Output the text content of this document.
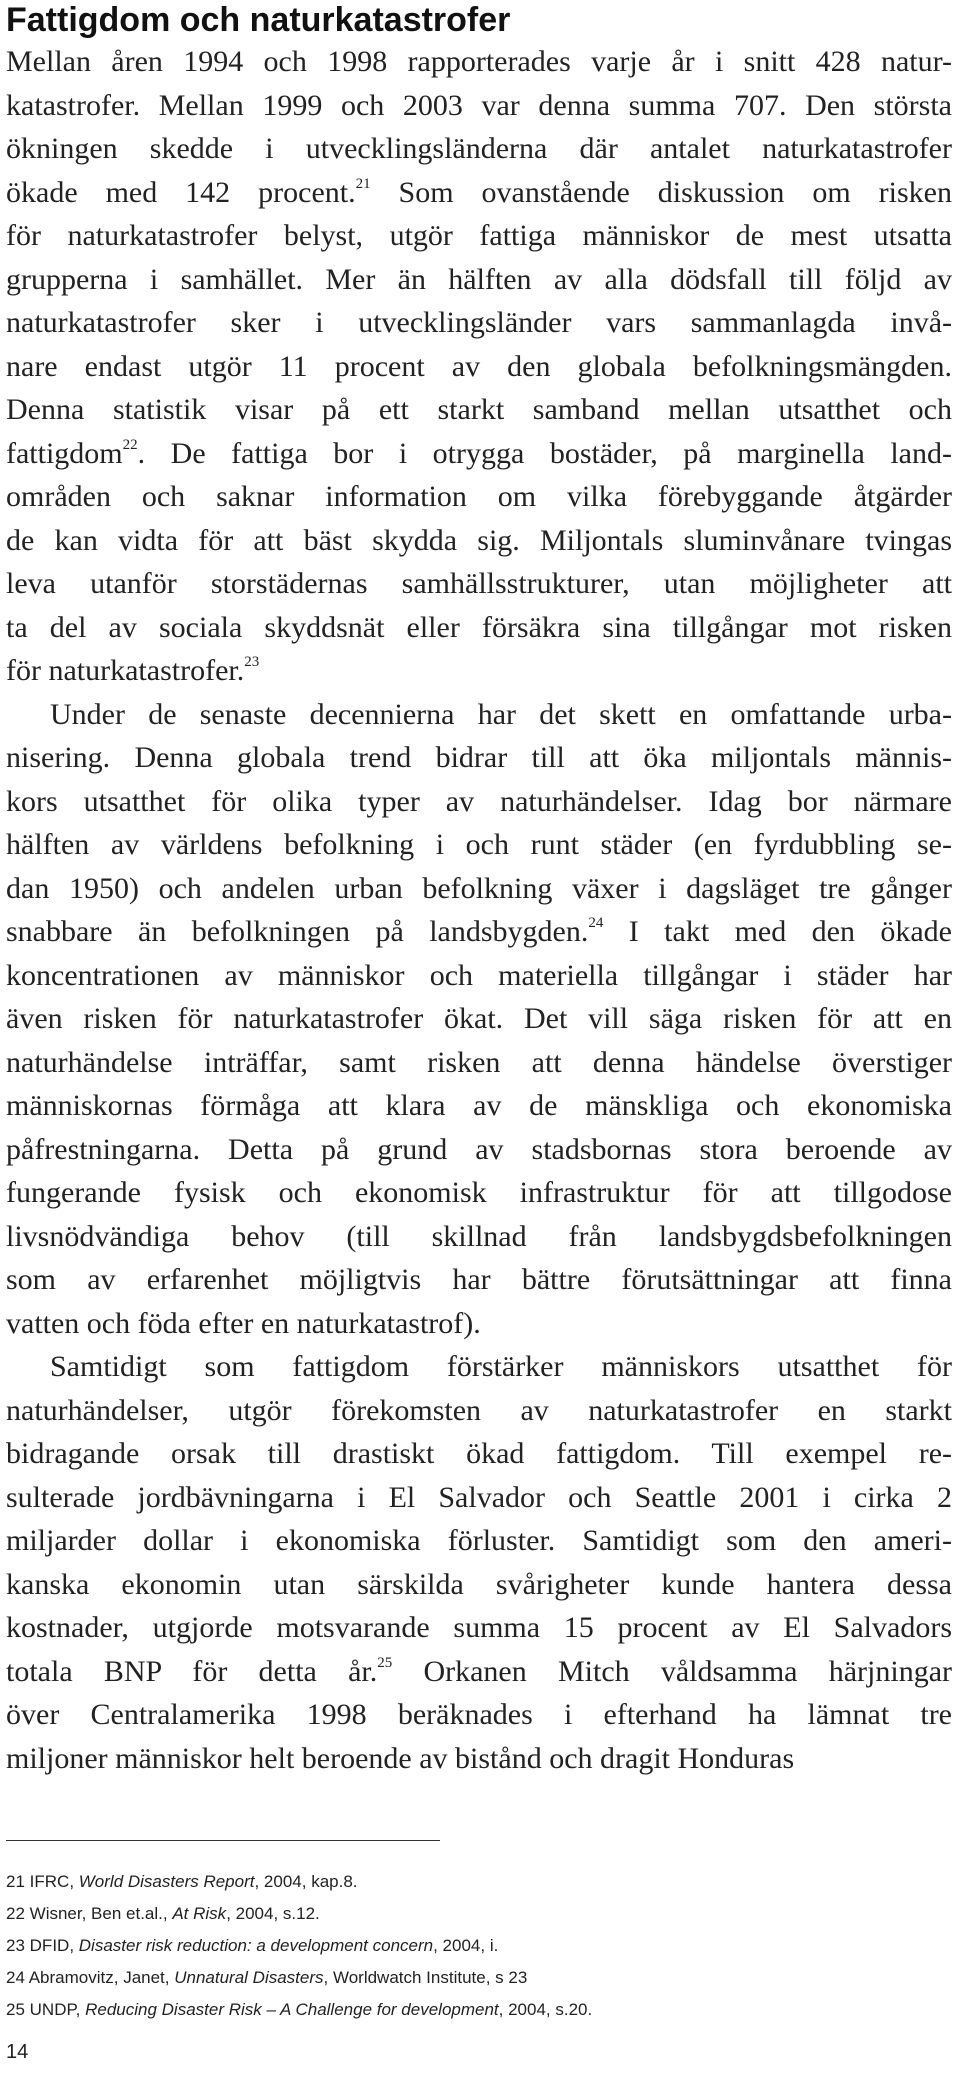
Fattigdom och naturkatastrofer

Mellan åren 1994 och 1998 rapporterades varje år i snitt 428 natur-
katastrofer. Mellan 1999 och 2003 var denna summa 707. Den största
ökningen skedde i utvecklingsländerna där antalet naturkatastrofer
ökade med 142 procent.$^{21}$ Som ovanstående diskussion om risken
för naturkatastrofer belyst, utgör fattiga människor de mest utsatta
grupperna i samhället. Mer än hälften av alla dödsfall till följd av
naturkatastrofer sker i utvecklingsländer vars sammanlagda invå-
nare endast utgör 11 procent av den globala befolkningsmängden.
Denna statistik visar på ett starkt samband mellan utsatthet och
fattigdom$^{22}$. De fattiga bor i otrygga bostäder, på marginella land-
områden och saknar information om vilka förebyggande åtgärder
de kan vidta för att bäst skydda sig. Miljontals sluminvånare tvingas
leva utanför storstädernas samhällsstrukturer, utan möjligheter att
ta del av sociala skyddsnät eller försäkra sina tillgångar mot risken
för naturkatastrofer.$^{23}$

Under de senaste decennierna har det skett en omfattande urba-
nisering. Denna globala trend bidrar till att öka miljontals männis-
kors utsatthet för olika typer av naturhändelser. Idag bor närmare
hälften av världens befolkning i och runt städer (en fyrdubbling se-
dan 1950) och andelen urban befolkning växer i dagsläget tre gånger
snabbare än befolkningen på landsbygden.$^{24}$ I takt med den ökade
koncentrationen av människor och materiella tillgångar i städer har
även risken för naturkatastrofer ökat. Det vill säga risken för att en
naturhändelse inträffar, samt risken att denna händelse överstiger
människornas förmåga att klara av de mänskliga och ekonomiska
påfrestningarna. Detta på grund av stadsbornas stora beroende av
fungerande fysisk och ekonomisk infrastruktur för att tillgodose
livsnödvändiga behov (till skillnad från landsbygdsbefolkningen
som av erfarenhet möjligtvis har bättre förutsättningar att finna
vatten och föda efter en naturkatastrof).

Samtidigt som fattigdom förstärker människors utsatthet för
naturhändelser, utgör förekomsten av naturkatastrofer en starkt
bidragande orsak till drastiskt ökad fattigdom. Till exempel re-
sulterade jordbävningarna i El Salvador och Seattle 2001 i cirka 2
miljarder dollar i ekonomiska förluster. Samtidigt som den ameri-
kanska ekonomin utan särskilda svårigheter kunde hantera dessa
kostnader, utgjorde motsvarande summa 15 procent av El Salvadors
totala BNP för detta år.$^{25}$ Orkanen Mitch våldsamma härjningar
över Centralamerika 1998 beräknades i efterhand ha lämnat tre
miljoner människor helt beroende av bistånd och dragit Honduras

21 IFRC, World Disasters Report, 2004, kap.8.
22 Wisner, Ben et.al., At Risk, 2004, s.12.
23 DFID, Disaster risk reduction: a development concern, 2004, i.
24 Abramovitz, Janet, Unnatural Disasters, Worldwatch Institute, s 23
25 UNDP, Reducing Disaster Risk – A Challenge for development, 2004, s.20.
14
